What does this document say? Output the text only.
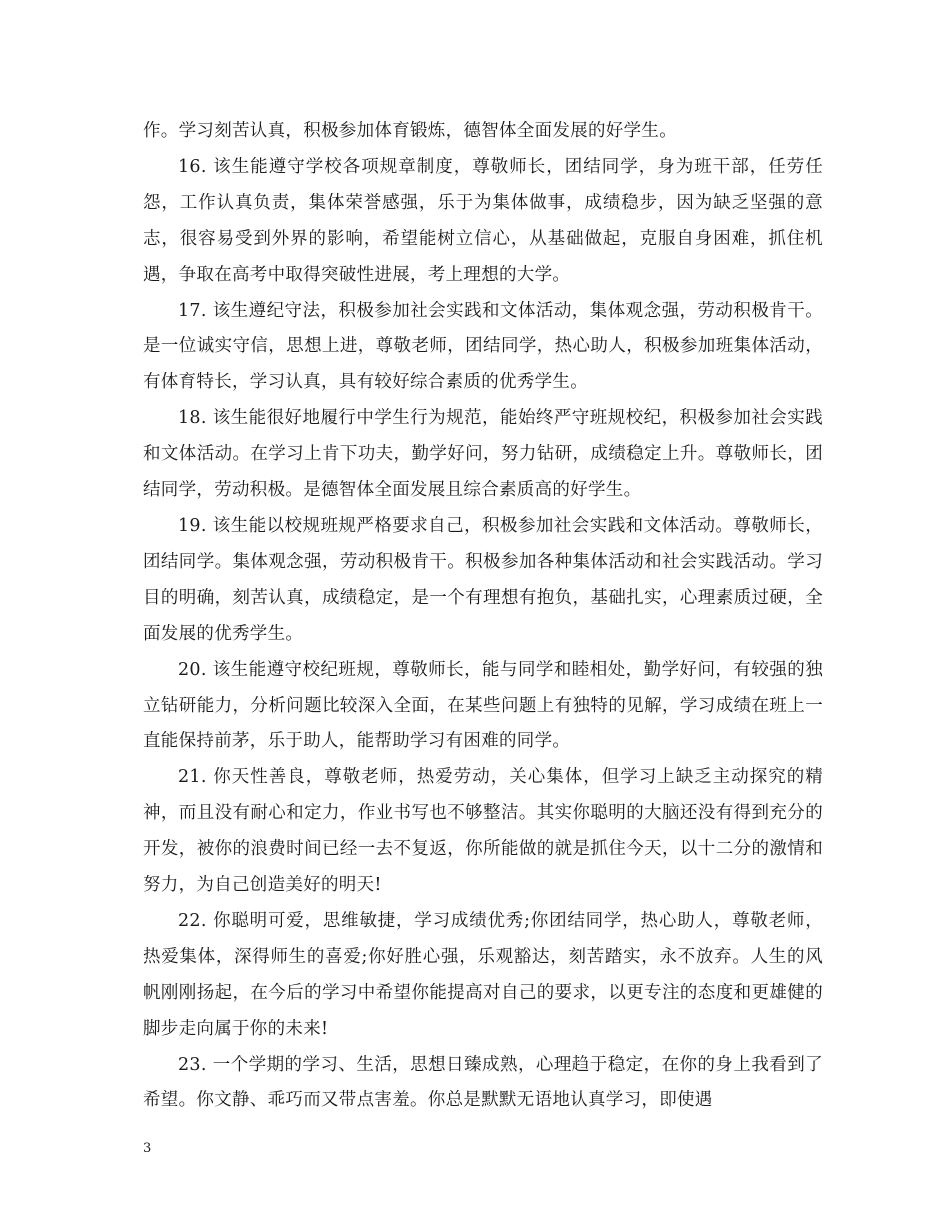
作。学习刻苦认真，积极参加体育锻炼，德智体全面发展的好学生。

16. 该生能遵守学校各项规章制度，尊敬师长，团结同学，身为班干部，任劳任怨，工作认真负责，集体荣誉感强，乐于为集体做事，成绩稳步，因为缺乏坚强的意志，很容易受到外界的影响，希望能树立信心，从基础做起，克服自身困难，抓住机遇，争取在高考中取得突破性进展，考上理想的大学。

17. 该生遵纪守法，积极参加社会实践和文体活动，集体观念强，劳动积极肯干。是一位诚实守信，思想上进，尊敬老师，团结同学，热心助人，积极参加班集体活动，有体育特长，学习认真，具有较好综合素质的优秀学生。

18. 该生能很好地履行中学生行为规范，能始终严守班规校纪，积极参加社会实践和文体活动。在学习上肯下功夫，勤学好问，努力钻研，成绩稳定上升。尊敬师长，团结同学，劳动积极。是德智体全面发展且综合素质高的好学生。

19. 该生能以校规班规严格要求自己，积极参加社会实践和文体活动。尊敬师长，团结同学。集体观念强，劳动积极肯干。积极参加各种集体活动和社会实践活动。学习目的明确，刻苦认真，成绩稳定，是一个有理想有抱负，基础扎实，心理素质过硬，全面发展的优秀学生。

20. 该生能遵守校纪班规，尊敬师长，能与同学和睦相处，勤学好问，有较强的独立钻研能力，分析问题比较深入全面，在某些问题上有独特的见解，学习成绩在班上一直能保持前茅，乐于助人，能帮助学习有困难的同学。

21. 你天性善良，尊敬老师，热爱劳动，关心集体，但学习上缺乏主动探究的精神，而且没有耐心和定力，作业书写也不够整洁。其实你聪明的大脑还没有得到充分的开发，被你的浪费时间已经一去不复返，你所能做的就是抓住今天，以十二分的激情和努力，为自己创造美好的明天!

22. 你聪明可爱，思维敏捷，学习成绩优秀;你团结同学，热心助人，尊敬老师，热爱集体，深得师生的喜爱;你好胜心强，乐观豁达，刻苦踏实，永不放弃。人生的风帆刚刚扬起，在今后的学习中希望你能提高对自己的要求，以更专注的态度和更雄健的脚步走向属于你的未来!

23. 一个学期的学习、生活，思想日臻成熟，心理趋于稳定，在你的身上我看到了希望。你文静、乖巧而又带点害羞。你总是默默无语地认真学习，即使遇

3
